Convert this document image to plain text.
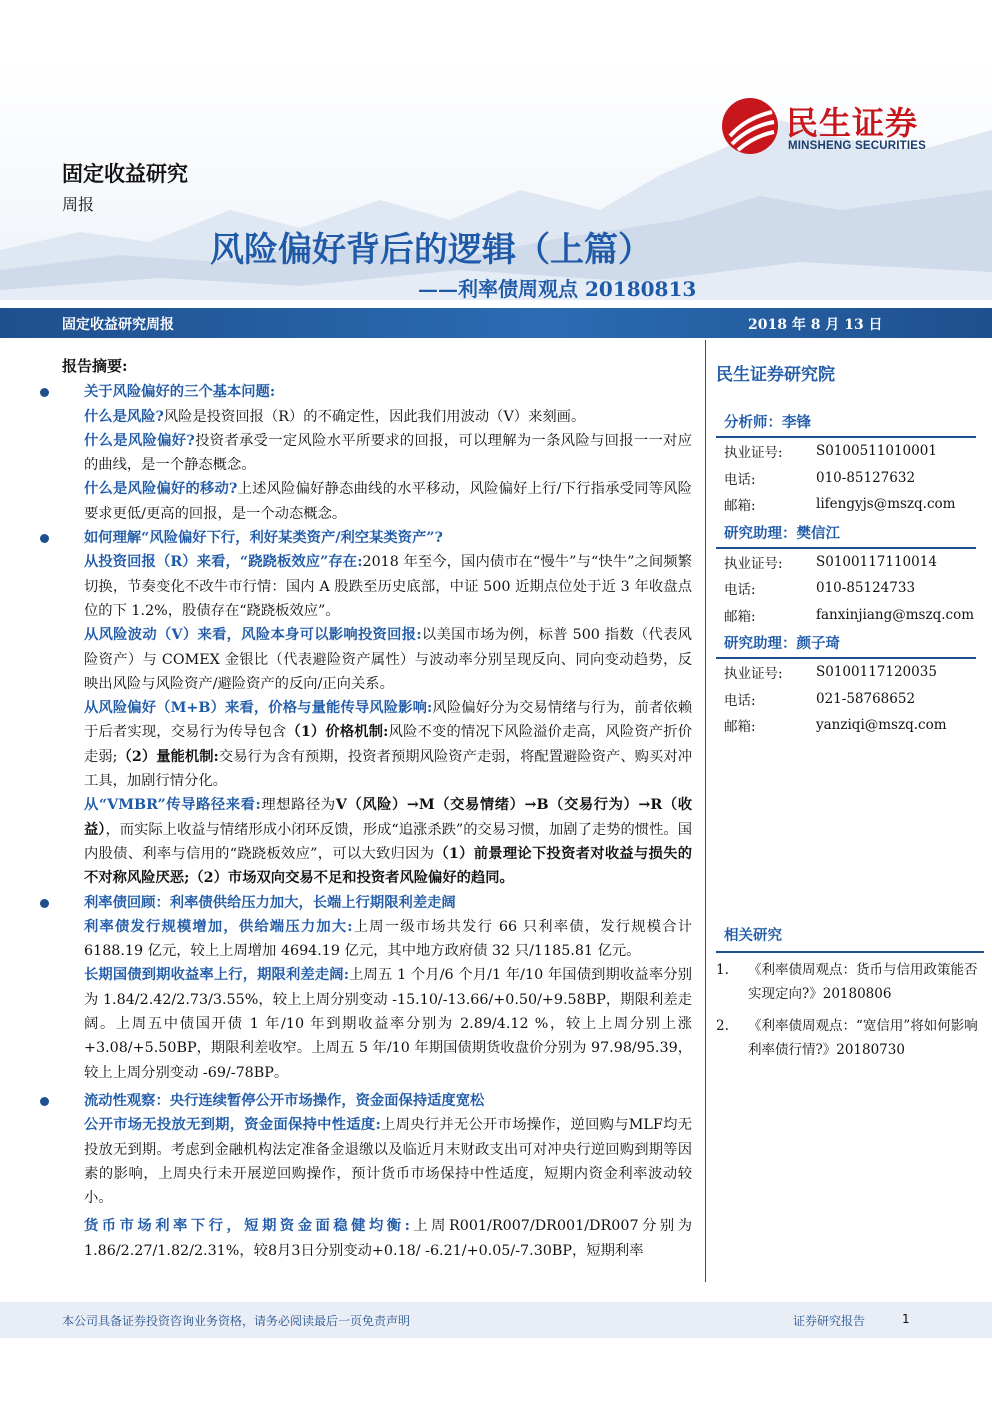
民生证券
MINSHENG SECURITIES
固定收益研究
周报
风险偏好背后的逻辑（上篇）
——利率债周观点 20180813
固定收益研究周报	2018 年 8 月 13 日

报告摘要:

关于风险偏好的三个基本问题:

什么是风险?风险是投资回报（R）的不确定性，因此我们用波动（V）来刻画。

什么是风险偏好?投资者承受一定风险水平所要求的回报，可以理解为一条风险与回报一一对应的曲线，是一个静态概念。

什么是风险偏好的移动?上述风险偏好静态曲线的水平移动，风险偏好上行/下行指承受同等风险要求更低/更高的回报，是一个动态概念。

如何理解“风险偏好下行，利好某类资产/利空某类资产”?

从投资回报（R）来看，“跷跷板效应”存在:2018 年至今，国内债市在“慢牛”与“快牛”之间频繁切换，节奏变化不改牛市行情：国内 A 股跌至历史底部，中证 500 近期点位处于近 3 年收盘点位的下 1.2%，股债存在“跷跷板效应”。

从风险波动（V）来看，风险本身可以影响投资回报:以美国市场为例，标普 500 指数（代表风险资产）与 COMEX 金银比（代表避险资产属性）与波动率分别呈现反向、同向变动趋势，反映出风险与风险资产/避险资产的反向/正向关系。

从风险偏好（M+B）来看，价格与量能传导风险影响:风险偏好分为交易情绪与行为，前者依赖于后者实现，交易行为传导包含（1）价格机制:风险不变的情况下风险溢价走高，风险资产折价走弱;（2）量能机制:交易行为含有预期，投资者预期风险资产走弱，将配置避险资产、购买对冲工具，加剧行情分化。

从“VMBR”传导路径来看:理想路径为V（风险）→M（交易情绪）→B（交易行为）→R（收益），而实际上收益与情绪形成小闭环反馈，形成“追涨杀跌”的交易习惯，加剧了走势的惯性。国内股债、利率与信用的“跷跷板效应”，可以大致归因为（1）前景理论下投资者对收益与损失的不对称风险厌恶;（2）市场双向交易不足和投资者风险偏好的趋同。

利率债回顾：利率债供给压力加大，长端上行期限利差走阔

利率债发行规模增加，供给端压力加大:上周一级市场共发行 66 只利率债，发行规模合计 6188.19 亿元，较上上周增加 4694.19 亿元，其中地方政府债 32 只/1185.81 亿元。

长期国债到期收益率上行，期限利差走阔:上周五 1 个月/6 个月/1 年/10 年国债到期收益率分别为 1.84/2.42/2.73/3.55%，较上上周分别变动 -15.10/-13.66/+0.50/+9.58BP，期限利差走阔。上周五中债国开债 1 年/10 年到期收益率分别为 2.89/4.12 %，较上上周分别上涨+3.08/+5.50BP，期限利差收窄。上周五 5 年/10 年期国债期货收盘价分别为 97.98/95.39，较上上周分别变动 -69/-78BP。

流动性观察：央行连续暂停公开市场操作，资金面保持适度宽松

公开市场无投放无到期，资金面保持中性适度:上周央行并无公开市场操作，逆回购与MLF均无投放无到期。考虑到金融机构法定准备金退缴以及临近月末财政支出可对冲央行逆回购到期等因素的影响，上周央行未开展逆回购操作，预计货币市场保持中性适度，短期内资金利率波动较小。

货币市场利率下行，短期资金面稳健均衡:上周R001/R007/DR001/DR007分别为1.86/2.27/1.82/2.31%，较8月3日分别变动+0.18/ -6.21/+0.05/-7.30BP，短期利率

民生证券研究院
分析师：李锋
执业证号:	S0100511010001
电话:	010-85127632
邮箱:	lifengyjs@mszq.com
研究助理：樊信江
执业证号:	S0100117110014
电话:	010-85124733
邮箱:	fanxinjiang@mszq.com
研究助理：颜子琦
执业证号:	S0100117120035
电话:	021-58768652
邮箱:	yanziqi@mszq.com
相关研究
1. 《利率债周观点：货币与信用政策能否实现定向?》20180806
2. 《利率债周观点：“宽信用”将如何影响利率债行情?》20180730
本公司具备证券投资咨询业务资格，请务必阅读最后一页免责声明	证券研究报告	1
